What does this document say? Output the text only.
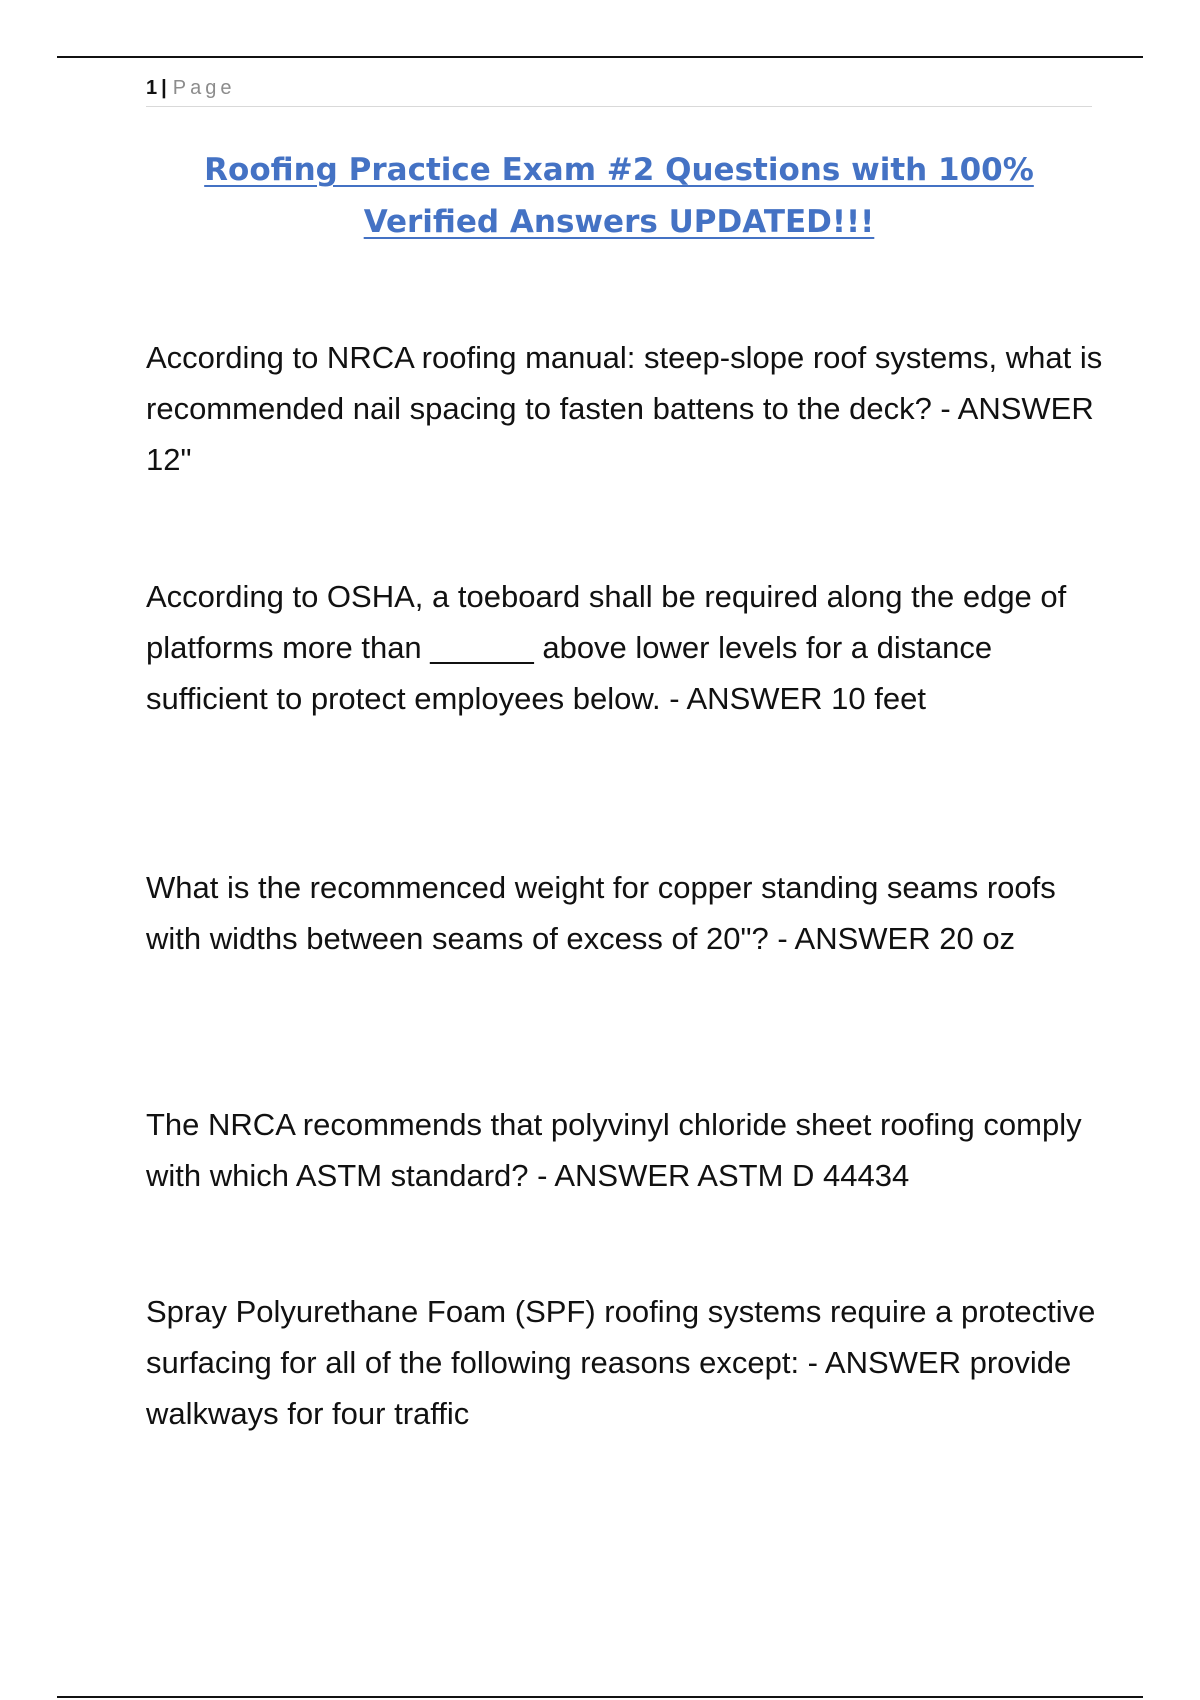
1 | Page
Roofing Practice Exam #2 Questions with 100%
Verified Answers UPDATED!!!
According to NRCA roofing manual: steep-slope roof systems, what is recommended nail spacing to fasten battens to the deck? - ANSWER 12"
According to OSHA, a toeboard shall be required along the edge of platforms more than ______ above lower levels for a distance sufficient to protect employees below. - ANSWER 10 feet
What is the recommenced weight for copper standing seams roofs with widths between seams of excess of 20"? - ANSWER 20 oz
The NRCA recommends that polyvinyl chloride sheet roofing comply with which ASTM standard? - ANSWER ASTM D 44434
Spray Polyurethane Foam (SPF) roofing systems require a protective surfacing for all of the following reasons except: - ANSWER provide walkways for four traffic
